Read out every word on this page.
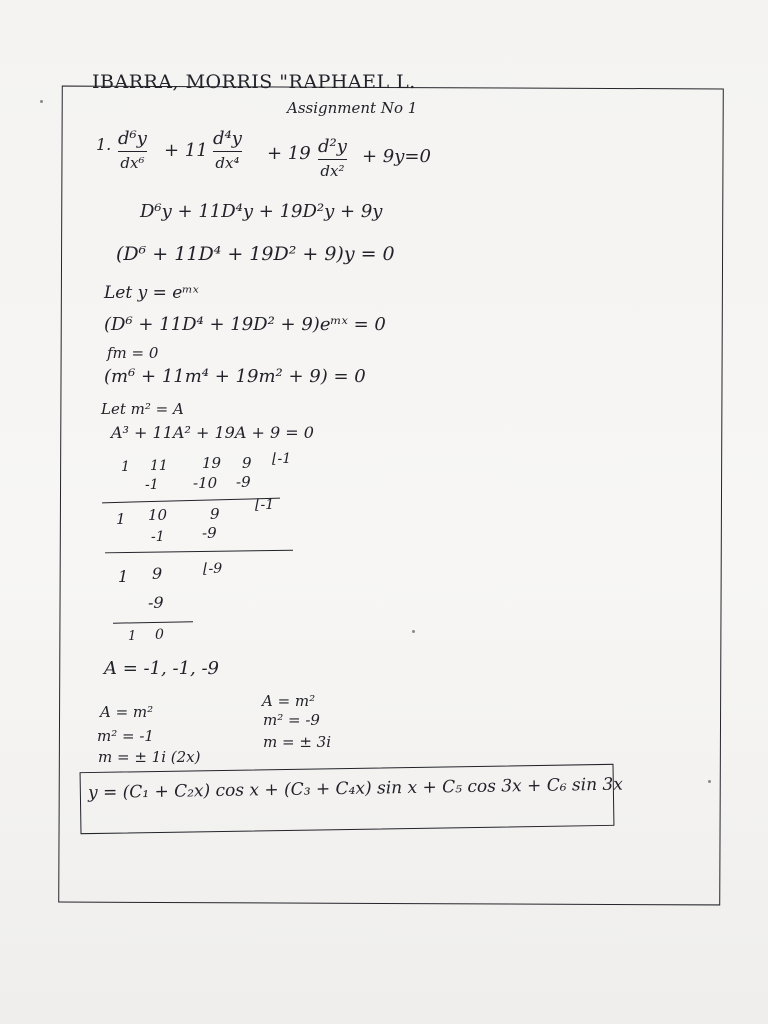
IBARRA, MORRIS "RAPHAEL L.
Assignment No 1
1. d⁶y
dx⁶
+ 11
d⁴y
dx⁴ + 19 d²y
dx²
+ 9y=0
D⁶y + 11D⁴y + 19D²y + 9y
(D⁶ + 11D⁴ + 19D² + 9)y = 0
Let y = eᵐˣ
(D⁶ + 11D⁴ + 19D² + 9)eᵐˣ = 0
fm = 0
(m⁶ + 11m⁴ + 19m² + 9) = 0
Let m² = A
A³ + 11A² + 19A + 9 = 0
1 11 19 9 ⌊-1
-1 -10 -9
1 10	9	⌊-1
-1 -9
1 9	⌊-9
-9
1 0
A = -1, -1, -9
A = m²
m² = -1
m = ± 1i (2x)
A = m²
m² = -9
m = ± 3i
y = (C₁ + C₂x) cos x + (C₃ + C₄x) sin x + C₅ cos 3x + C₆ sin 3x
